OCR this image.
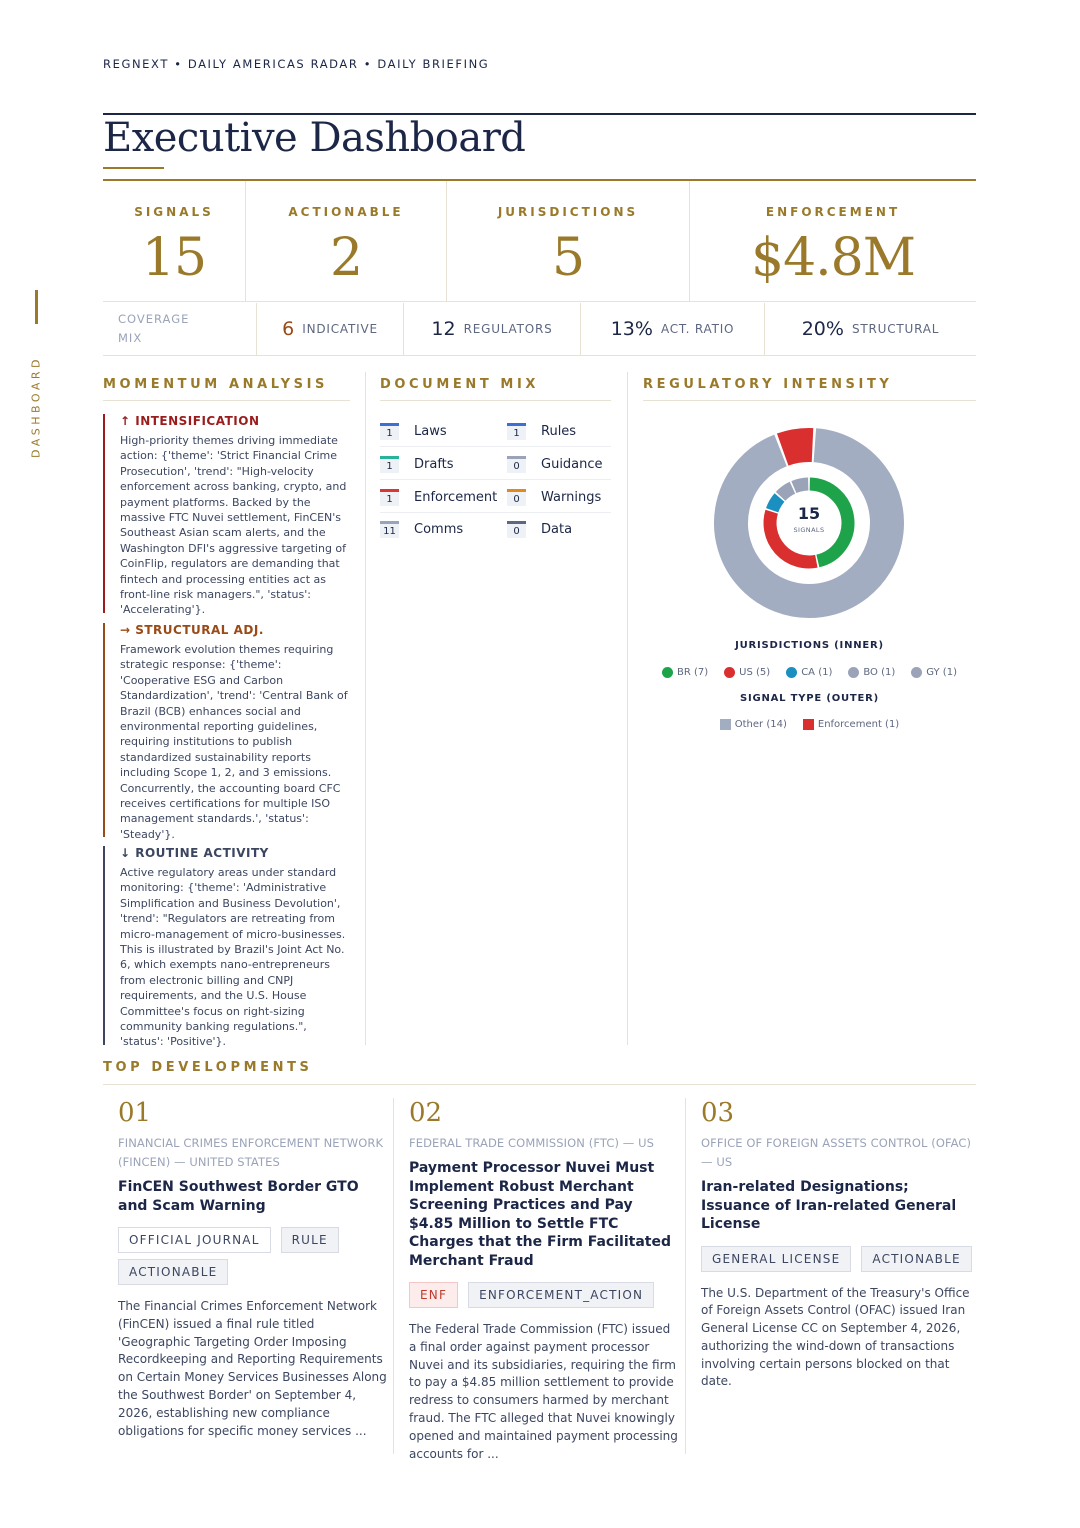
REGNEXT • DAILY AMERICAS RADAR • DAILY BRIEFING
Executive Dashboard
DASHBOARD
SIGNALS
15
ACTIONABLE
2
JURISDICTIONS
5
ENFORCEMENT
$4.8M
COVERAGE
MIX	6 INDICATIVE	12 REGULATORS	13% ACT. RATIO	20% STRUCTURAL
MOMENTUM ANALYSIS	DOCUMENT MIX	REGULATORY INTENSITY
↑ INTENSIFICATION
High-priority themes driving immediate action: {'theme': 'Strict Financial Crime Prosecution', 'trend': "High-velocity enforcement across banking, crypto, and payment platforms. Backed by the massive FTC Nuvei settlement, FinCEN's Southeast Asian scam alerts, and the Washington DFI's aggressive targeting of CoinFlip, regulators are demanding that fintech and processing entities act as front-line risk managers.", 'status': 'Accelerating'}.
→ STRUCTURAL ADJ.
Framework evolution themes requiring strategic response: {'theme': 'Cooperative ESG and Carbon Standardization', 'trend': 'Central Bank of Brazil (BCB) enhances social and environmental reporting guidelines, requiring institutions to publish standardized sustainability reports including Scope 1, 2, and 3 emissions. Concurrently, the accounting board CFC receives certifications for multiple ISO management standards.', 'status': 'Steady'}.
↓ ROUTINE ACTIVITY
Active regulatory areas under standard monitoring: {'theme': 'Administrative Simplification and Business Devolution', 'trend': "Regulators are retreating from micro-management of micro-businesses. This is illustrated by Brazil's Joint Act No. 6, which exempts nano-entrepreneurs from electronic billing and CNPJ requirements, and the U.S. House Committee's focus on right-sizing community banking regulations.", 'status': 'Positive'}.
1	Laws	1	Rules
1	Drafts	0	Guidance
1	Enforcement	0	Warnings
11 Comms	0	Data
15
SIGNALS
JURISDICTIONS (INNER)
BR (7)	US (5)	CA (1)	BO (1)	GY (1)
SIGNAL TYPE (OUTER)
Other (14)	Enforcement (1)
TOP DEVELOPMENTS
01
FINANCIAL CRIMES ENFORCEMENT NETWORK (FINCEN) — UNITED STATES
FinCEN Southwest Border GTO and Scam Warning
OFFICIAL JOURNAL	RULE
ACTIONABLE
The Financial Crimes Enforcement Network (FinCEN) issued a final rule titled 'Geographic Targeting Order Imposing Recordkeeping and Reporting Requirements on Certain Money Services Businesses Along the Southwest Border' on September 4, 2026, establishing new compliance obligations for specific money services ...
02
FEDERAL TRADE COMMISSION (FTC) — US
Payment Processor Nuvei Must Implement Robust Merchant Screening Practices and Pay $4.85 Million to Settle FTC Charges that the Firm Facilitated Merchant Fraud
ENF	ENFORCEMENT_ACTION
The Federal Trade Commission (FTC) issued a final order against payment processor Nuvei and its subsidiaries, requiring the firm to pay a $4.85 million settlement to provide redress to consumers harmed by merchant fraud. The FTC alleged that Nuvei knowingly opened and maintained payment processing accounts for ...
03
OFFICE OF FOREIGN ASSETS CONTROL (OFAC) — US
Iran-related Designations; Issuance of Iran-related General License
GENERAL LICENSE	ACTIONABLE
The U.S. Department of the Treasury's Office of Foreign Assets Control (OFAC) issued Iran General License CC on September 4, 2026, authorizing the wind-down of transactions involving certain persons blocked on that date.
